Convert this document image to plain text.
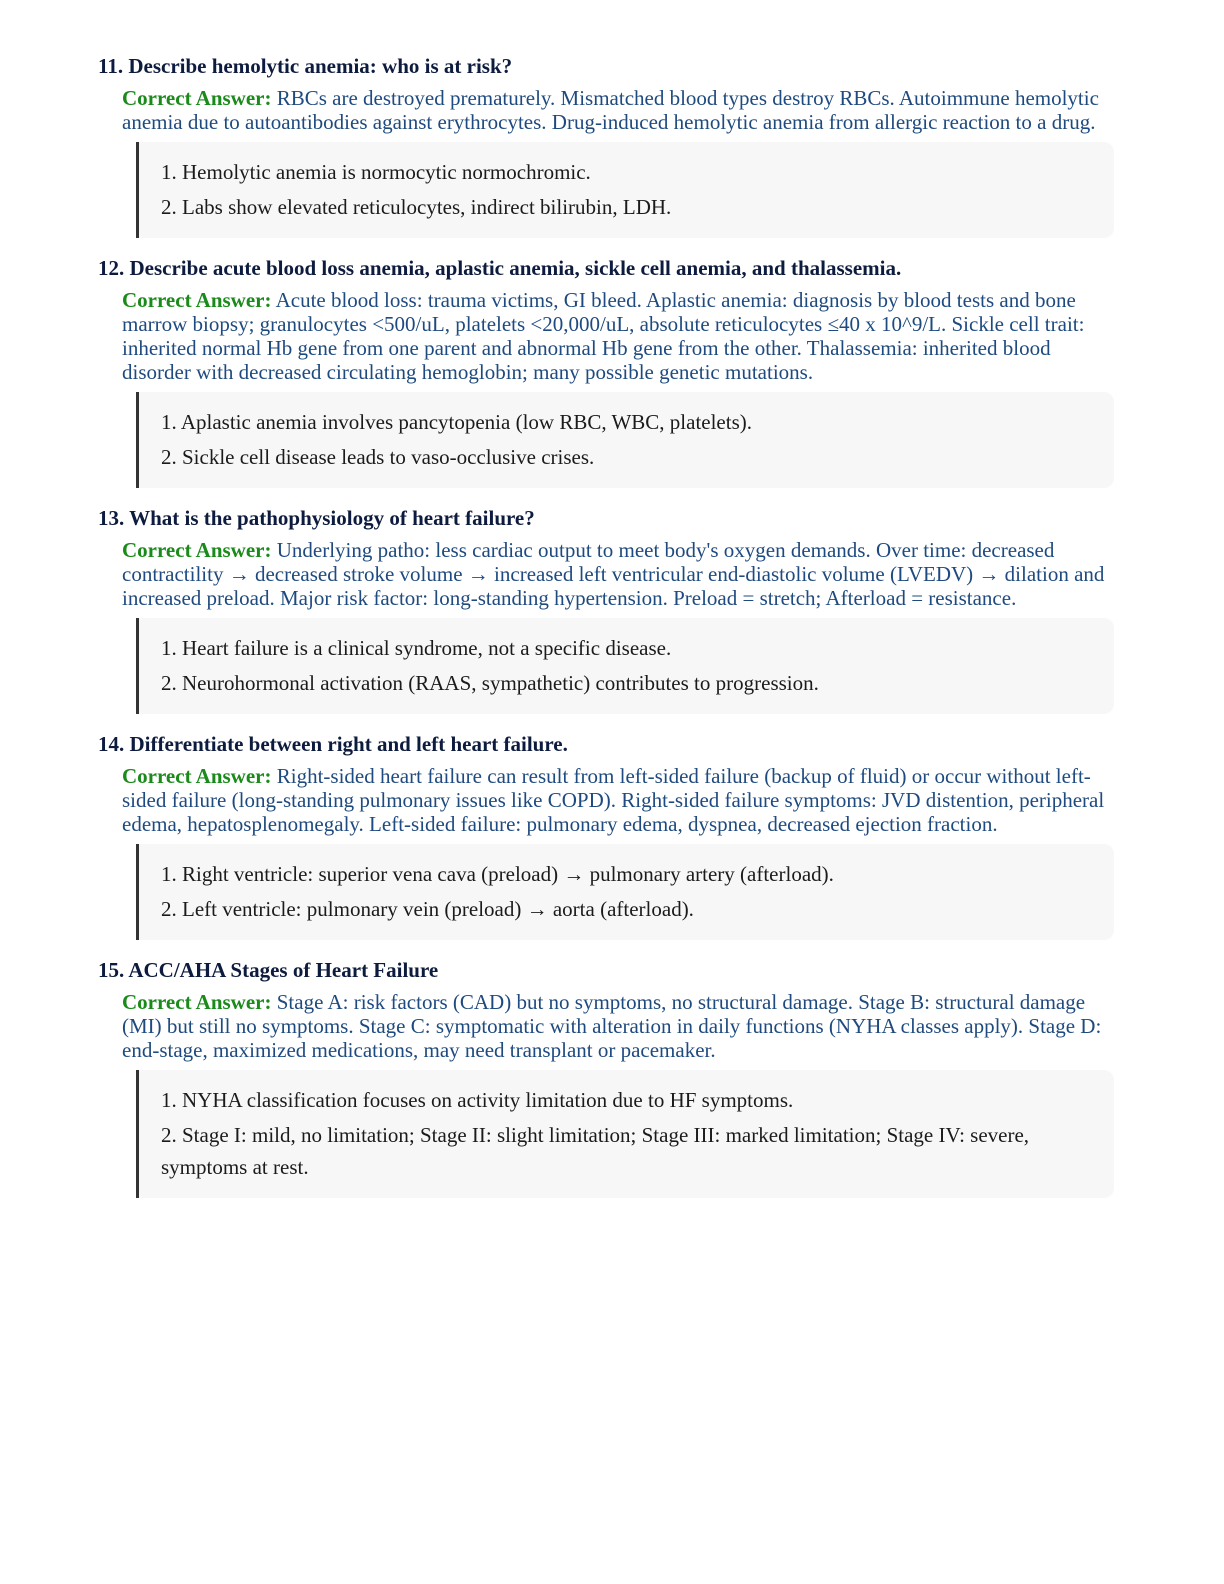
11. Describe hemolytic anemia: who is at risk?
Correct Answer: RBCs are destroyed prematurely. Mismatched blood types destroy RBCs. Autoimmune hemolytic anemia due to autoantibodies against erythrocytes. Drug-induced hemolytic anemia from allergic reaction to a drug.
1. Hemolytic anemia is normocytic normochromic.
2. Labs show elevated reticulocytes, indirect bilirubin, LDH.
12. Describe acute blood loss anemia, aplastic anemia, sickle cell anemia, and thalassemia.
Correct Answer: Acute blood loss: trauma victims, GI bleed. Aplastic anemia: diagnosis by blood tests and bone marrow biopsy; granulocytes <500/uL, platelets <20,000/uL, absolute reticulocytes ≤40 x 10^9/L. Sickle cell trait: inherited normal Hb gene from one parent and abnormal Hb gene from the other. Thalassemia: inherited blood disorder with decreased circulating hemoglobin; many possible genetic mutations.
1. Aplastic anemia involves pancytopenia (low RBC, WBC, platelets).
2. Sickle cell disease leads to vaso-occlusive crises.
13. What is the pathophysiology of heart failure?
Correct Answer: Underlying patho: less cardiac output to meet body's oxygen demands. Over time: decreased contractility → decreased stroke volume → increased left ventricular end-diastolic volume (LVEDV) → dilation and increased preload. Major risk factor: long-standing hypertension. Preload = stretch; Afterload = resistance.
1. Heart failure is a clinical syndrome, not a specific disease.
2. Neurohormonal activation (RAAS, sympathetic) contributes to progression.
14. Differentiate between right and left heart failure.
Correct Answer: Right-sided heart failure can result from left-sided failure (backup of fluid) or occur without left-sided failure (long-standing pulmonary issues like COPD). Right-sided failure symptoms: JVD distention, peripheral edema, hepatosplenomegaly. Left-sided failure: pulmonary edema, dyspnea, decreased ejection fraction.
1. Right ventricle: superior vena cava (preload) → pulmonary artery (afterload).
2. Left ventricle: pulmonary vein (preload) → aorta (afterload).
15. ACC/AHA Stages of Heart Failure
Correct Answer: Stage A: risk factors (CAD) but no symptoms, no structural damage. Stage B: structural damage (MI) but still no symptoms. Stage C: symptomatic with alteration in daily functions (NYHA classes apply). Stage D: end-stage, maximized medications, may need transplant or pacemaker.
1. NYHA classification focuses on activity limitation due to HF symptoms.
2. Stage I: mild, no limitation; Stage II: slight limitation; Stage III: marked limitation; Stage IV: severe, symptoms at rest.
